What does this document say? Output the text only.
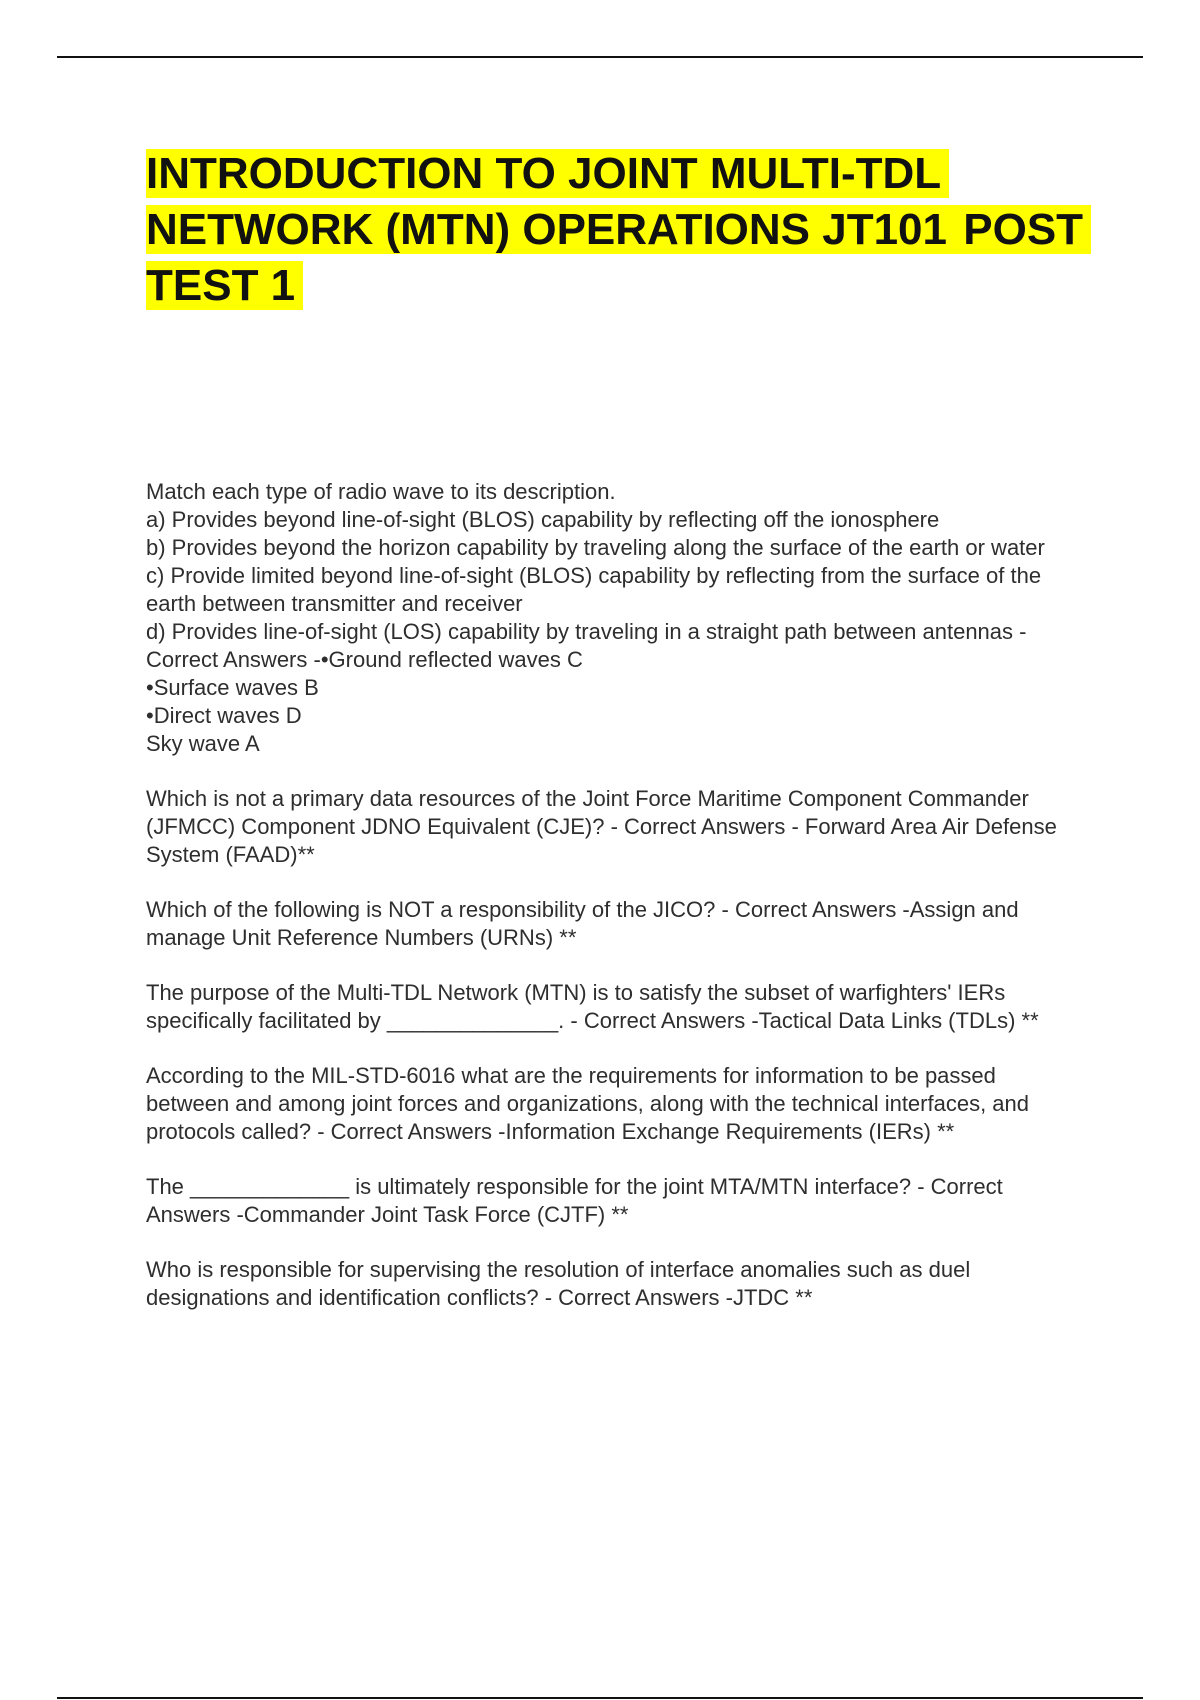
INTRODUCTION TO JOINT MULTI-TDL NETWORK (MTN) OPERATIONS JT101 POST TEST 1
Match each type of radio wave to its description.
a) Provides beyond line-of-sight (BLOS) capability by reflecting off the ionosphere
b) Provides beyond the horizon capability by traveling along the surface of the earth or water
c) Provide limited beyond line-of-sight (BLOS) capability by reflecting from the surface of the earth between transmitter and receiver
d) Provides line-of-sight (LOS) capability by traveling in a straight path between antennas - Correct Answers -•Ground reflected waves C
•Surface waves B
•Direct waves D
Sky wave A
Which is not a primary data resources of the Joint Force Maritime Component Commander (JFMCC) Component JDNO Equivalent (CJE)? - Correct Answers - Forward Area Air Defense System (FAAD)**
Which of the following is NOT a responsibility of the JICO? - Correct Answers -Assign and manage Unit Reference Numbers (URNs) **
The purpose of the Multi-TDL Network (MTN) is to satisfy the subset of warfighters' IERs specifically facilitated by ______________. - Correct Answers -Tactical Data Links (TDLs) **
According to the MIL-STD-6016 what are the requirements for information to be passed between and among joint forces and organizations, along with the technical interfaces, and protocols called? - Correct Answers -Information Exchange Requirements (IERs) **
The _____________ is ultimately responsible for the joint MTA/MTN interface? - Correct Answers -Commander Joint Task Force (CJTF) **
Who is responsible for supervising the resolution of interface anomalies such as duel designations and identification conflicts? - Correct Answers -JTDC **
